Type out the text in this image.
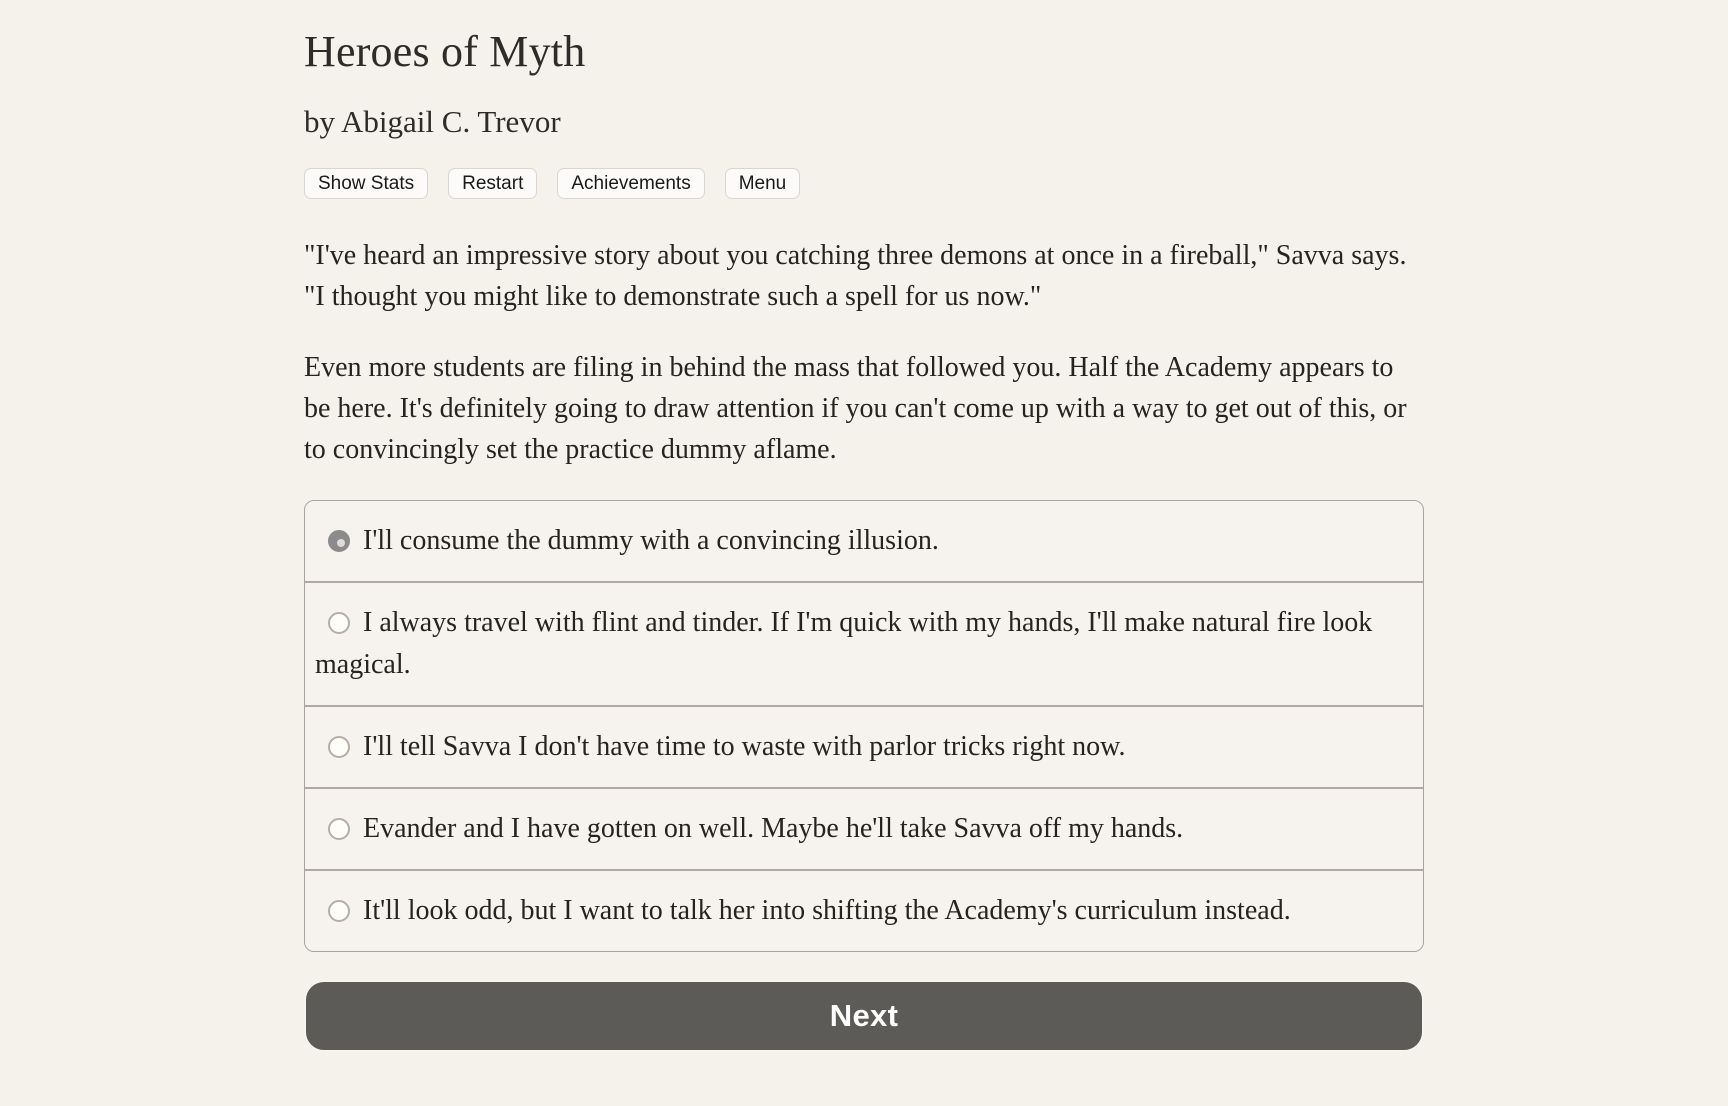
Heroes of Myth
by Abigail C. Trevor
Show Stats	Restart	Achievements	Menu

"I've heard an impressive story about you catching three demons at once in a fireball," Savva says. "I thought you might like to demonstrate such a spell for us now."

Even more students are filing in behind the mass that followed you. Half the Academy appears to be here. It's definitely going to draw attention if you can't come up with a way to get out of this, or to convincingly set the practice dummy aflame.

I'll consume the dummy with a convincing illusion.
I always travel with flint and tinder. If I'm quick with my hands, I'll make natural fire look magical.
I'll tell Savva I don't have time to waste with parlor tricks right now.
Evander and I have gotten on well. Maybe he'll take Savva off my hands.
It'll look odd, but I want to talk her into shifting the Academy's curriculum instead.
Next
